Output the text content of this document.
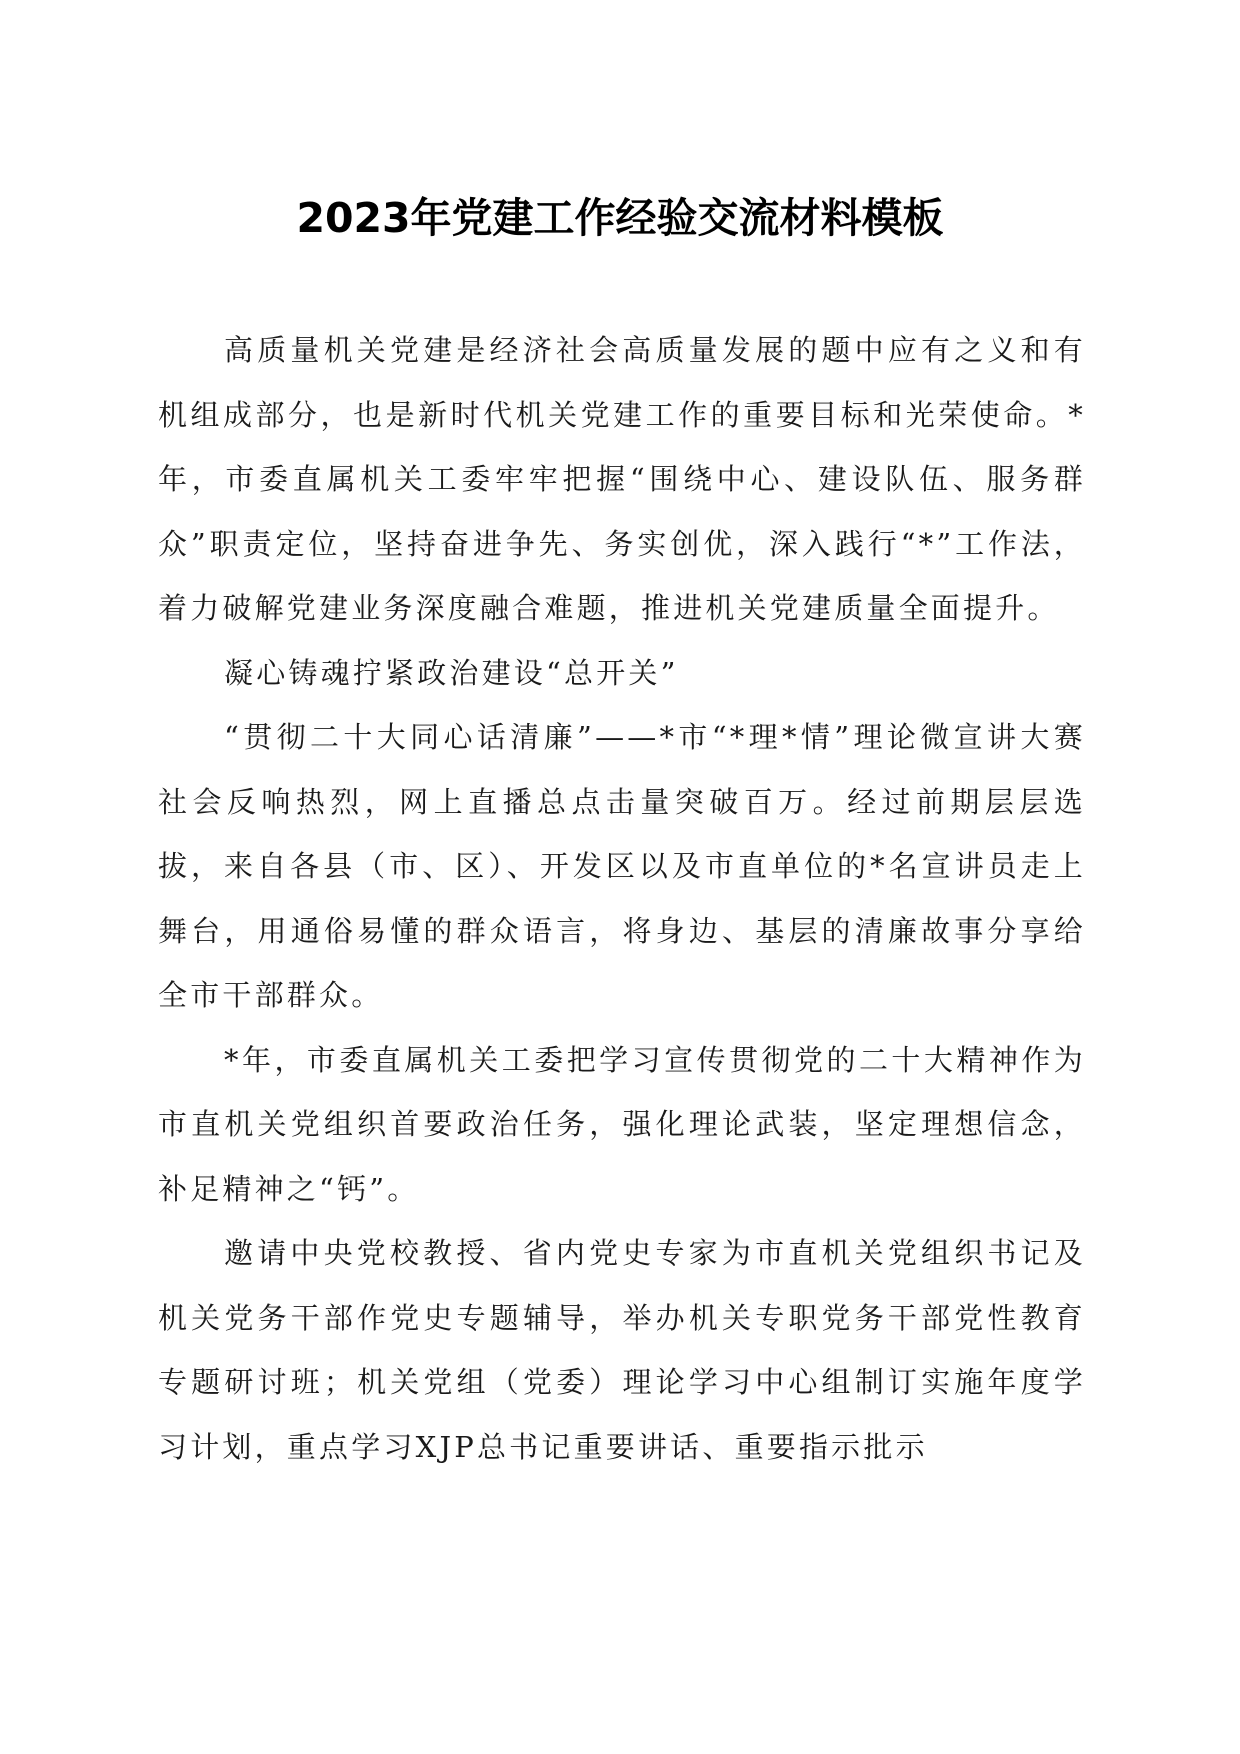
2023年党建工作经验交流材料模板

高质量机关党建是经济社会高质量发展的题中应有之义和有机组成部分，也是新时代机关党建工作的重要目标和光荣使命。*年，市委直属机关工委牢牢把握“围绕中心、建设队伍、服务群众”职责定位，坚持奋进争先、务实创优，深入践行“*”工作法，着力破解党建业务深度融合难题，推进机关党建质量全面提升。

凝心铸魂拧紧政治建设“总开关”

“贯彻二十大同心话清廉”——*市“*理*情”理论微宣讲大赛社会反响热烈，网上直播总点击量突破百万。经过前期层层选拔，来自各县（市、区）、开发区以及市直单位的*名宣讲员走上舞台，用通俗易懂的群众语言，将身边、基层的清廉故事分享给全市干部群众。

*年，市委直属机关工委把学习宣传贯彻党的二十大精神作为市直机关党组织首要政治任务，强化理论武装，坚定理想信念，补足精神之“钙”。

邀请中央党校教授、省内党史专家为市直机关党组织书记及机关党务干部作党史专题辅导，举办机关专职党务干部党性教育专题研讨班；机关党组（党委）理论学习中心组制订实施年度学习计划，重点学习XJP总书记重要讲话、重要指示批示
